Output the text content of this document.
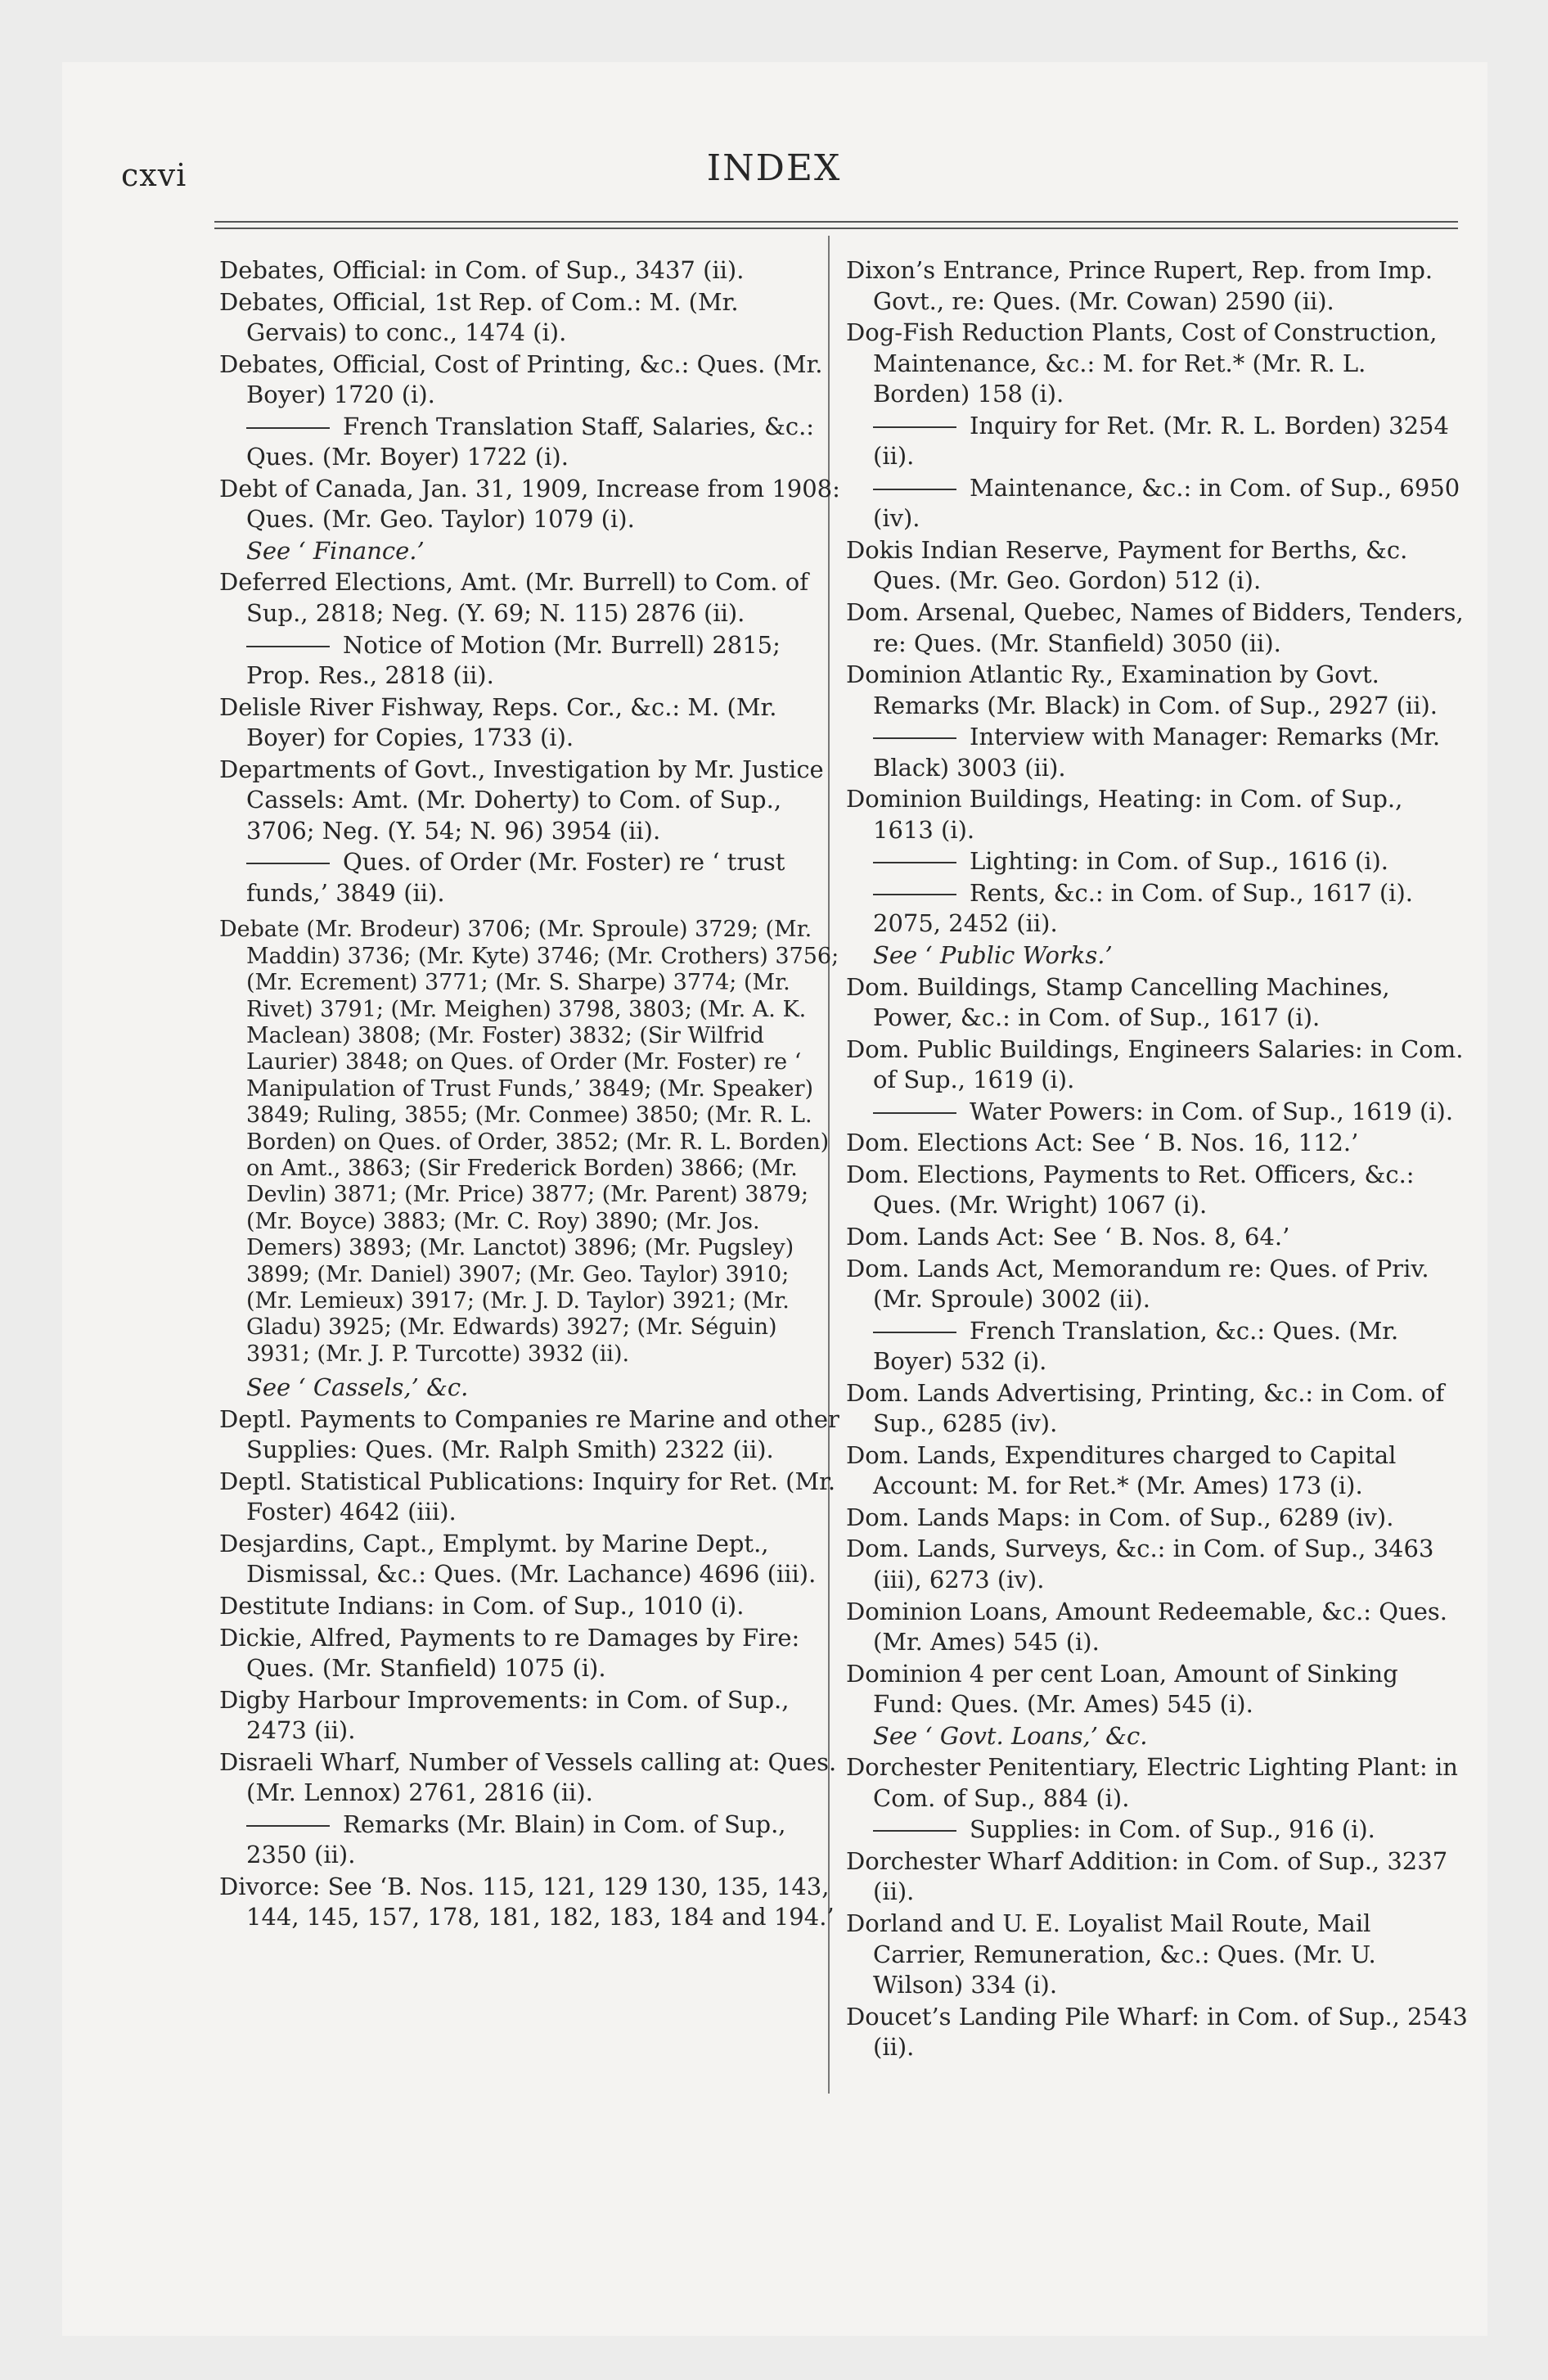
cxvi	INDEX
Debates, Official: in Com. of Sup., 3437 (ii).
Debates, Official, 1st Rep. of Com.: M. (Mr. Gervais) to conc., 1474 (i).
Debates, Official, Cost of Printing, &c.: Ques. (Mr. Boyer) 1720 (i).
French Translation Staff, Salaries, &c.: Ques. (Mr. Boyer) 1722 (i).
Debt of Canada, Jan. 31, 1909, Increase from 1908: Ques. (Mr. Geo. Taylor) 1079 (i).
See ‘ Finance.’
Deferred Elections, Amt. (Mr. Burrell) to Com. of Sup., 2818; Neg. (Y. 69; N. 115) 2876 (ii).
Notice of Motion (Mr. Burrell) 2815; Prop. Res., 2818 (ii).
Delisle River Fishway, Reps. Cor., &c.: M. (Mr. Boyer) for Copies, 1733 (i).
Departments of Govt., Investigation by Mr. Justice Cassels: Amt. (Mr. Doherty) to Com. of Sup., 3706; Neg. (Y. 54; N. 96) 3954 (ii).
Ques. of Order (Mr. Foster) re ‘ trust funds,’ 3849 (ii).
Debate (Mr. Brodeur) 3706; (Mr. Sproule) 3729; (Mr. Maddin) 3736; (Mr. Kyte) 3746; (Mr. Crothers) 3756; (Mr. Ecrement) 3771; (Mr. S. Sharpe) 3774; (Mr. Rivet) 3791; (Mr. Meighen) 3798, 3803; (Mr. A. K. Maclean) 3808; (Mr. Foster) 3832; (Sir Wilfrid Laurier) 3848; on Ques. of Order (Mr. Foster) re ‘ Manipulation of Trust Funds,’ 3849; (Mr. Speaker) 3849; Ruling, 3855; (Mr. Conmee) 3850; (Mr. R. L. Borden) on Ques. of Order, 3852; (Mr. R. L. Borden) on Amt., 3863; (Sir Frederick Borden) 3866; (Mr. Devlin) 3871; (Mr. Price) 3877; (Mr. Parent) 3879; (Mr. Boyce) 3883; (Mr. C. Roy) 3890; (Mr. Jos. Demers) 3893; (Mr. Lanctot) 3896; (Mr. Pugsley) 3899; (Mr. Daniel) 3907; (Mr. Geo. Taylor) 3910; (Mr. Lemieux) 3917; (Mr. J. D. Taylor) 3921; (Mr. Gladu) 3925; (Mr. Edwards) 3927; (Mr. Séguin) 3931; (Mr. J. P. Turcotte) 3932 (ii).
See ‘ Cassels,’ &c.
Deptl. Payments to Companies re Marine and other Supplies: Ques. (Mr. Ralph Smith) 2322 (ii).
Deptl. Statistical Publications: Inquiry for Ret. (Mr. Foster) 4642 (iii).
Desjardins, Capt., Emplymt. by Marine Dept., Dismissal, &c.: Ques. (Mr. Lachance) 4696 (iii).
Destitute Indians: in Com. of Sup., 1010 (i).
Dickie, Alfred, Payments to re Damages by Fire: Ques. (Mr. Stanfield) 1075 (i).
Digby Harbour Improvements: in Com. of Sup., 2473 (ii).
Disraeli Wharf, Number of Vessels calling at: Ques. (Mr. Lennox) 2761, 2816 (ii).
Remarks (Mr. Blain) in Com. of Sup., 2350 (ii).
Divorce: See ‘B. Nos. 115, 121, 129 130, 135, 143, 144, 145, 157, 178, 181, 182, 183, 184 and 194.’
Dixon’s Entrance, Prince Rupert, Rep. from Imp. Govt., re: Ques. (Mr. Cowan) 2590 (ii).
Dog-Fish Reduction Plants, Cost of Construction, Maintenance, &c.: M. for Ret.* (Mr. R. L. Borden) 158 (i).
Inquiry for Ret. (Mr. R. L. Borden) 3254 (ii).
Maintenance, &c.: in Com. of Sup., 6950 (iv).
Dokis Indian Reserve, Payment for Berths, &c. Ques. (Mr. Geo. Gordon) 512 (i).
Dom. Arsenal, Quebec, Names of Bidders, Tenders, re: Ques. (Mr. Stanfield) 3050 (ii).
Dominion Atlantic Ry., Examination by Govt. Remarks (Mr. Black) in Com. of Sup., 2927 (ii).
Interview with Manager: Remarks (Mr. Black) 3003 (ii).
Dominion Buildings, Heating: in Com. of Sup., 1613 (i).
Lighting: in Com. of Sup., 1616 (i).
Rents, &c.: in Com. of Sup., 1617 (i). 2075, 2452 (ii).
See ‘ Public Works.’
Dom. Buildings, Stamp Cancelling Machines, Power, &c.: in Com. of Sup., 1617 (i).
Dom. Public Buildings, Engineers Salaries: in Com. of Sup., 1619 (i).
Water Powers: in Com. of Sup., 1619 (i).
Dom. Elections Act: See ‘ B. Nos. 16, 112.’
Dom. Elections, Payments to Ret. Officers, &c.: Ques. (Mr. Wright) 1067 (i).
Dom. Lands Act: See ‘ B. Nos. 8, 64.’
Dom. Lands Act, Memorandum re: Ques. of Priv. (Mr. Sproule) 3002 (ii).
French Translation, &c.: Ques. (Mr. Boyer) 532 (i).
Dom. Lands Advertising, Printing, &c.: in Com. of Sup., 6285 (iv).
Dom. Lands, Expenditures charged to Capital Account: M. for Ret.* (Mr. Ames) 173 (i).
Dom. Lands Maps: in Com. of Sup., 6289 (iv).
Dom. Lands, Surveys, &c.: in Com. of Sup., 3463 (iii), 6273 (iv).
Dominion Loans, Amount Redeemable, &c.: Ques. (Mr. Ames) 545 (i).
Dominion 4 per cent Loan, Amount of Sinking Fund: Ques. (Mr. Ames) 545 (i).
See ‘ Govt. Loans,’ &c.
Dorchester Penitentiary, Electric Lighting Plant: in Com. of Sup., 884 (i).
Supplies: in Com. of Sup., 916 (i).
Dorchester Wharf Addition: in Com. of Sup., 3237 (ii).
Dorland and U. E. Loyalist Mail Route, Mail Carrier, Remuneration, &c.: Ques. (Mr. U. Wilson) 334 (i).
Doucet’s Landing Pile Wharf: in Com. of Sup., 2543 (ii).
